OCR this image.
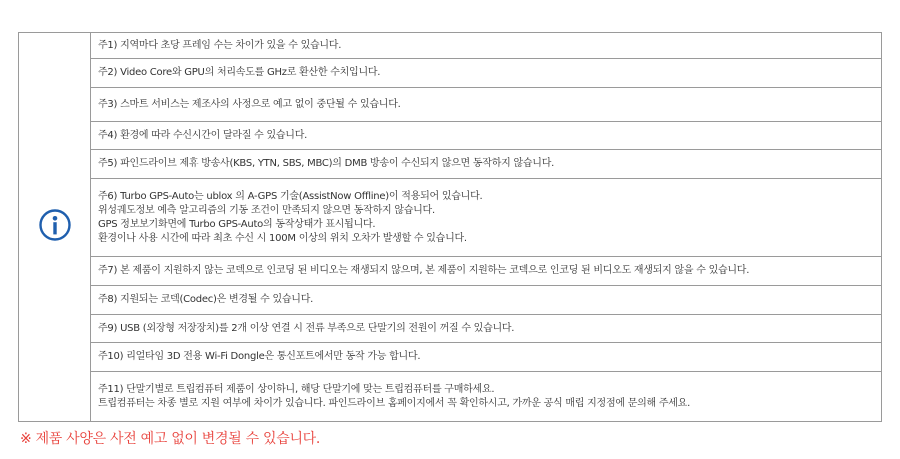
주1) 지역마다 초당 프레임 수는 차이가 있을 수 있습니다.

주2) Video Core와 GPU의 처리속도를 GHz로 환산한 수치입니다.

주3) 스마트 서비스는 제조사의 사정으로 예고 없이 중단될 수 있습니다.

주4) 환경에 따라 수신시간이 달라질 수 있습니다.

주5) 파인드라이브 제휴 방송사(KBS, YTN, SBS, MBC)의 DMB 방송이 수신되지 않으면 동작하지 않습니다.

주6) Turbo GPS-Auto는 ublox 의 A-GPS 기술(AssistNow Offline)이 적용되어 있습니다.
위성궤도정보 예측 알고리즘의 기동 조건이 만족되지 않으면 동작하지 않습니다.
GPS 정보보기화면에 Turbo GPS-Auto의 동작상태가 표시됩니다.
환경이나 사용 시간에 따라 최초 수신 시 100M 이상의 위치 오차가 발생할 수 있습니다.

주7) 본 제품이 지원하지 않는 코덱으로 인코딩 된 비디오는 재생되지 않으며, 본 제품이 지원하는 코덱으로 인코딩 된 비디오도 재생되지 않을 수 있습니다.

주8) 지원되는 코덱(Codec)은 변경될 수 있습니다.

주9) USB (외장형 저장장치)를 2개 이상 연결 시 전류 부족으로 단말기의 전원이 꺼질 수 있습니다.

주10) 리얼타임 3D 전용 Wi-Fi Dongle은 통신포트에서만 동작 가능 합니다.

주11) 단말기별로 트립컴퓨터 제품이 상이하니, 해당 단말기에 맞는 트립컴퓨터를 구매하세요.
트립컴퓨터는 차종 별로 지원 여부에 차이가 있습니다. 파인드라이브 홈페이지에서 꼭 확인하시고, 가까운 공식 매립 지정점에 문의해 주세요.
※ 제품 사양은 사전 예고 없이 변경될 수 있습니다.
